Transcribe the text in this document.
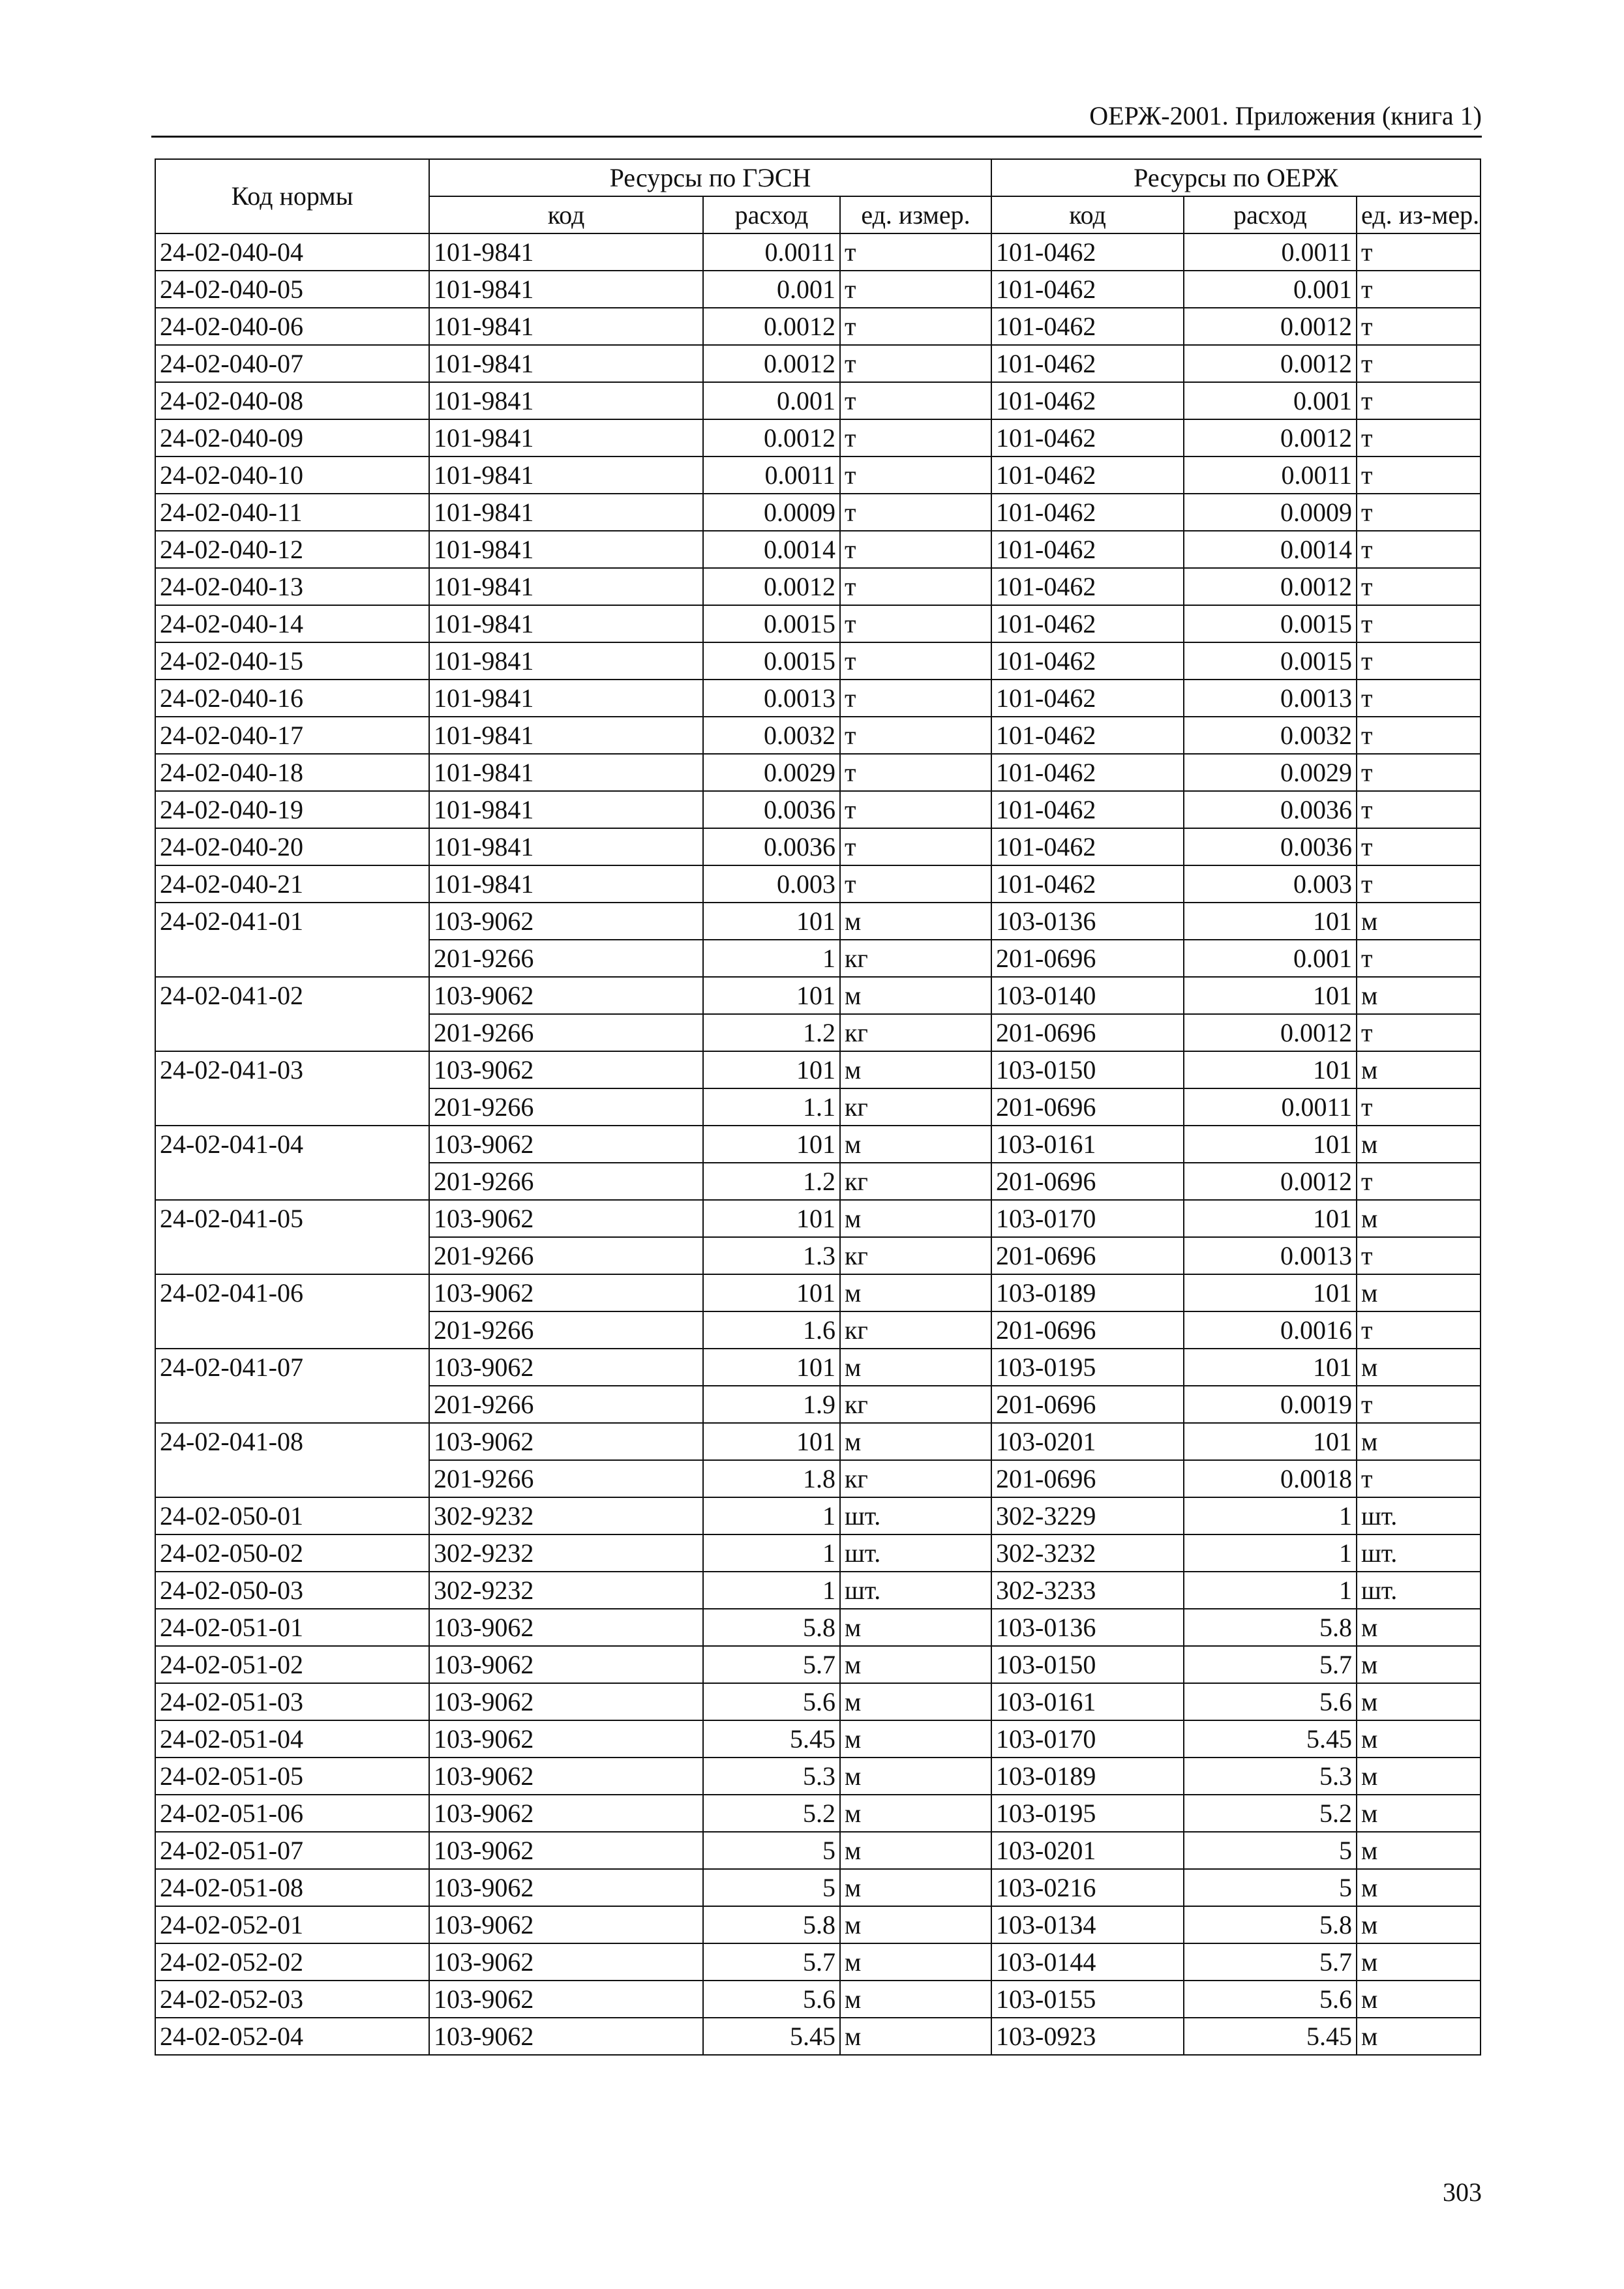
ОЕРЖ-2001. Приложения (книга 1)
Код нормы	Ресурсы по ГЭСН			Ресурсы по ОЕРЖ		
	код	расход	ед. измер.	код	расход	ед. из-мер.
24-02-040-04	101-9841	0.0011	т	101-0462	0.0011	т
24-02-040-05	101-9841	0.001	т	101-0462	0.001	т
24-02-040-06	101-9841	0.0012	т	101-0462	0.0012	т
24-02-040-07	101-9841	0.0012	т	101-0462	0.0012	т
24-02-040-08	101-9841	0.001	т	101-0462	0.001	т
24-02-040-09	101-9841	0.0012	т	101-0462	0.0012	т
24-02-040-10	101-9841	0.0011	т	101-0462	0.0011	т
24-02-040-11	101-9841	0.0009	т	101-0462	0.0009	т
24-02-040-12	101-9841	0.0014	т	101-0462	0.0014	т
24-02-040-13	101-9841	0.0012	т	101-0462	0.0012	т
24-02-040-14	101-9841	0.0015	т	101-0462	0.0015	т
24-02-040-15	101-9841	0.0015	т	101-0462	0.0015	т
24-02-040-16	101-9841	0.0013	т	101-0462	0.0013	т
24-02-040-17	101-9841	0.0032	т	101-0462	0.0032	т
24-02-040-18	101-9841	0.0029	т	101-0462	0.0029	т
24-02-040-19	101-9841	0.0036	т	101-0462	0.0036	т
24-02-040-20	101-9841	0.0036	т	101-0462	0.0036	т
24-02-040-21	101-9841	0.003	т	101-0462	0.003	т
24-02-041-01	103-9062	101	м	103-0136	101	м
	201-9266	1	кг	201-0696	0.001	т
24-02-041-02	103-9062	101	м	103-0140	101	м
	201-9266	1.2	кг	201-0696	0.0012	т
24-02-041-03	103-9062	101	м	103-0150	101	м
	201-9266	1.1	кг	201-0696	0.0011	т
24-02-041-04	103-9062	101	м	103-0161	101	м
	201-9266	1.2	кг	201-0696	0.0012	т
24-02-041-05	103-9062	101	м	103-0170	101	м
	201-9266	1.3	кг	201-0696	0.0013	т
24-02-041-06	103-9062	101	м	103-0189	101	м
	201-9266	1.6	кг	201-0696	0.0016	т
24-02-041-07	103-9062	101	м	103-0195	101	м
	201-9266	1.9	кг	201-0696	0.0019	т
24-02-041-08	103-9062	101	м	103-0201	101	м
	201-9266	1.8	кг	201-0696	0.0018	т
24-02-050-01	302-9232	1	шт.	302-3229	1	шт.
24-02-050-02	302-9232	1	шт.	302-3232	1	шт.
24-02-050-03	302-9232	1	шт.	302-3233	1	шт.
24-02-051-01	103-9062	5.8	м	103-0136	5.8	м
24-02-051-02	103-9062	5.7	м	103-0150	5.7	м
24-02-051-03	103-9062	5.6	м	103-0161	5.6	м
24-02-051-04	103-9062	5.45	м	103-0170	5.45	м
24-02-051-05	103-9062	5.3	м	103-0189	5.3	м
24-02-051-06	103-9062	5.2	м	103-0195	5.2	м
24-02-051-07	103-9062	5	м	103-0201	5	м
24-02-051-08	103-9062	5	м	103-0216	5	м
24-02-052-01	103-9062	5.8	м	103-0134	5.8	м
24-02-052-02	103-9062	5.7	м	103-0144	5.7	м
24-02-052-03	103-9062	5.6	м	103-0155	5.6	м
24-02-052-04	103-9062	5.45	м	103-0923	5.45	м
303
